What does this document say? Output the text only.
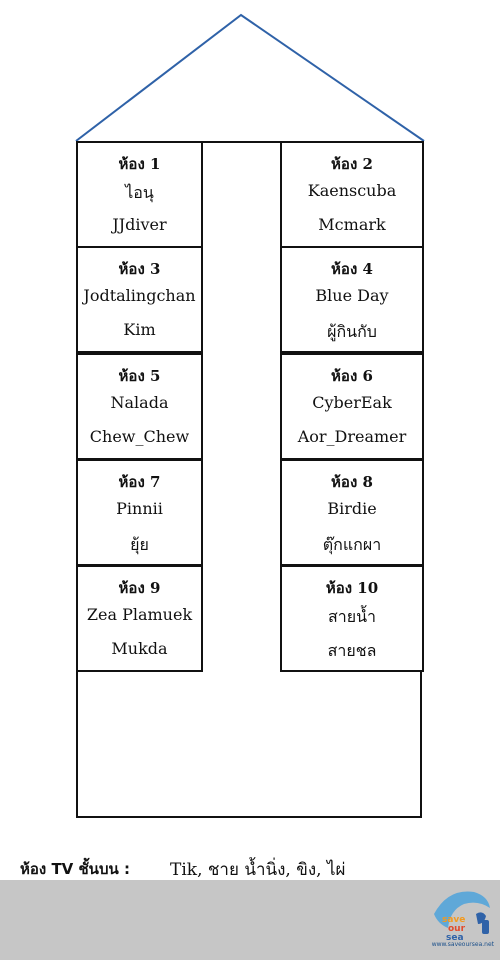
ห้อง 1
ไอนุ
JJdiver
ห้อง 3
Jodtalingchan
Kim
ห้อง 5
Nalada
Chew_Chew
ห้อง 7
Pinnii
ยุ้ย
ห้อง 9
Zea Plamuek
Mukda
ห้อง 2
Kaenscuba
Mcmark
ห้อง 4
Blue Day
ผู้กินกับ
ห้อง 6
CyberEak
Aor_Dreamer
ห้อง 8
Birdie
ตุ๊กแกผา
ห้อง 10
สายน้ำ
สายชล
ห้อง TV ชั้นบน : Tik, ชาย น้ำนิ่ง, ขิง, ไผ่
save
our
sea
www.saveoursea.net
